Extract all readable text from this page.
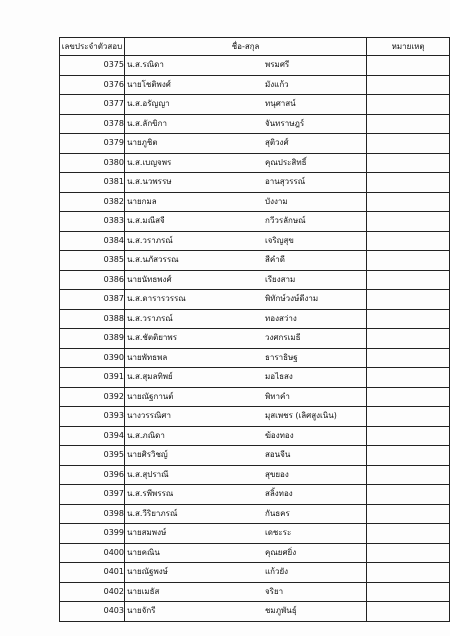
เลขประจำตัวสอบ	ชื่อ-สกุล	หมายเหตุ
0375	น.ส.รณิดา พรมศรี	

0376	นายโชติพงศ์ มังแก้ว	

0377	น.ส.อรัญญา ทนุศาสน์	

0378	น.ส.ลักขิกา จันทราษฎร์	

0379	นายภูชิต สุติวงศ์	

0380	น.ส.เบญจพร คุณประสิทธิ์	

0381	น.ส.นวพรรษ อานสุวรรณ์	

0382	นายกมล บังงาม	

0383	น.ส.มณีสจี กวีวรลักษณ์	

0384	น.ส.วราภรณ์ เจริญสุข	

0385	น.ส.นภัสวรรณ สีคำดี	

0386	นายนัทธพงศ์ เรียงสาม	

0387	น.ส.ดารารวรรณ พิทักษ์วงษ์ดีงาม	

0388	น.ส.วราภรณ์ ทองสว่าง	

0389	น.ส.ชัตติยาพร วงศกรเมธี	

0390	นายพัทธพล ธาราธิษฐ	

0391	น.ส.สุมลทิพย์ มอไธสง	

0392	นายณัฐกานต์ พิทาคำ	

0393	นางวรรณิศา มุสเพชร (เลิศสูงเนิน)	

0394	น.ส.ภณิดา ฆ้องทอง	

0395	นายศิรวิชญ์ สอนจีน	

0396	น.ส.สุปราณี สุขยอง	

0397	น.ส.รพีพรรณ สลิ้งทอง	

0398	น.ส.วีริยาภรณ์ กันธคร	

0399	นายสมพงษ์ เดชะระ	

0400	นายคณิน คุณยศยิ่ง	

0401	นายณัฐพงษ์ แก้วยัง	

0402	นายเมธัส จริยา	

0403	นายจักรี ชมภูพันธุ์	
